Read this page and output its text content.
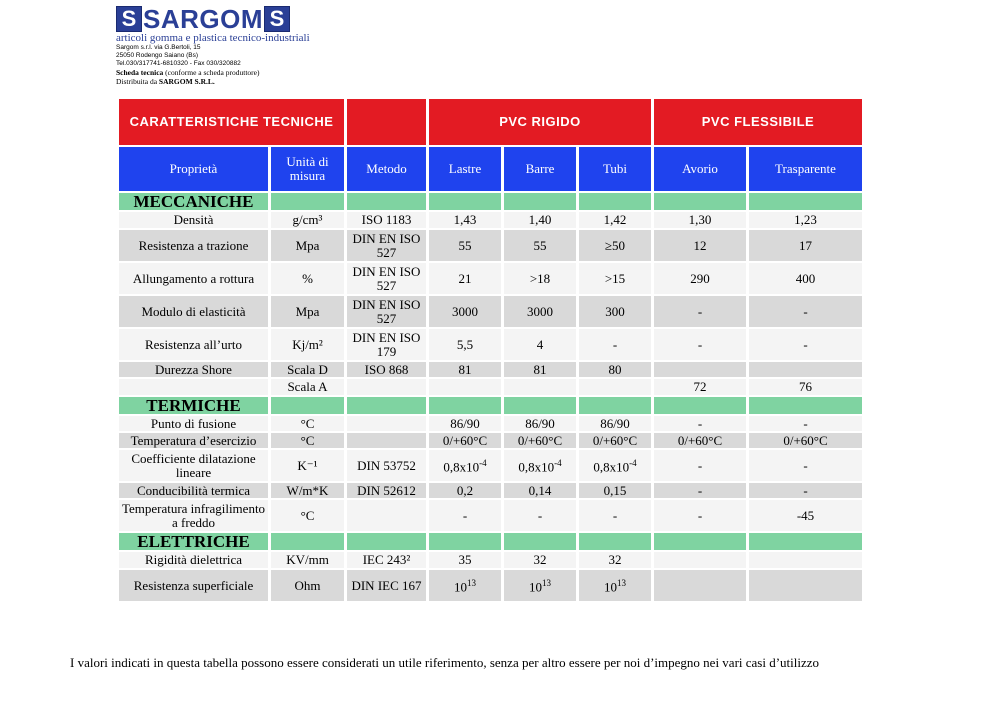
S SARGOM S
articoli gomma e plastica tecnico-industriali
Sargom s.r.l. via G.Bertoli, 15
25050 Rodengo Saiano (Bs)
Tel.030/317741-6810320 - Fax 030/320882
Scheda tecnica (conforme a scheda produttore)
Distribuita da SARGOM S.R.L.
CARATTERISTICHE TECNICHE			PVC RIGIDO			PVC FLESSIBILE	
Proprietà	Unità di misura	Metodo	Lastre	Barre	Tubi	Avorio	Trasparente
MECCANICHE							
Densità	g/cm³	ISO 1183	1,43	1,40	1,42	1,30	1,23
Resistenza a trazione	Mpa	DIN EN ISO 527	55	55	≥50	12	17
Allungamento a rottura	%	DIN EN ISO 527	21	>18	>15	290	400
Modulo di elasticità	Mpa	DIN EN ISO 527	3000	3000	300	-	-
Resistenza all’urto	Kj/m²	DIN EN ISO 179	5,5	4	-	-	-
Durezza Shore	Scala D	ISO 868	81	81	80		
	Scala A					72	76
TERMICHE							
Punto di fusione	°C		86/90	86/90	86/90	-	-
Temperatura d’esercizio	°C		0/+60°C	0/+60°C	0/+60°C	0/+60°C	0/+60°C
Coefficiente dilatazione lineare	K⁻¹	DIN 53752	$0,8x10^{-4}$	$0,8x10^{-4}$	$0,8x10^{-4}$	-	-
Conducibilità termica	W/m*K	DIN 52612	0,2	0,14	0,15	-	-
Temperatura infragilimento a freddo	°C		-	-	-	-	-45
ELETTRICHE							
Rigidità dielettrica	KV/mm	IEC 243²	35	32	32		
Resistenza superficiale	Ohm	DIN IEC 167	$10^{13}$	$10^{13}$	$10^{13}$		
I valori indicati in questa tabella possono essere considerati un utile riferimento, senza per altro essere per noi d’impegno nei vari casi d’utilizzo
